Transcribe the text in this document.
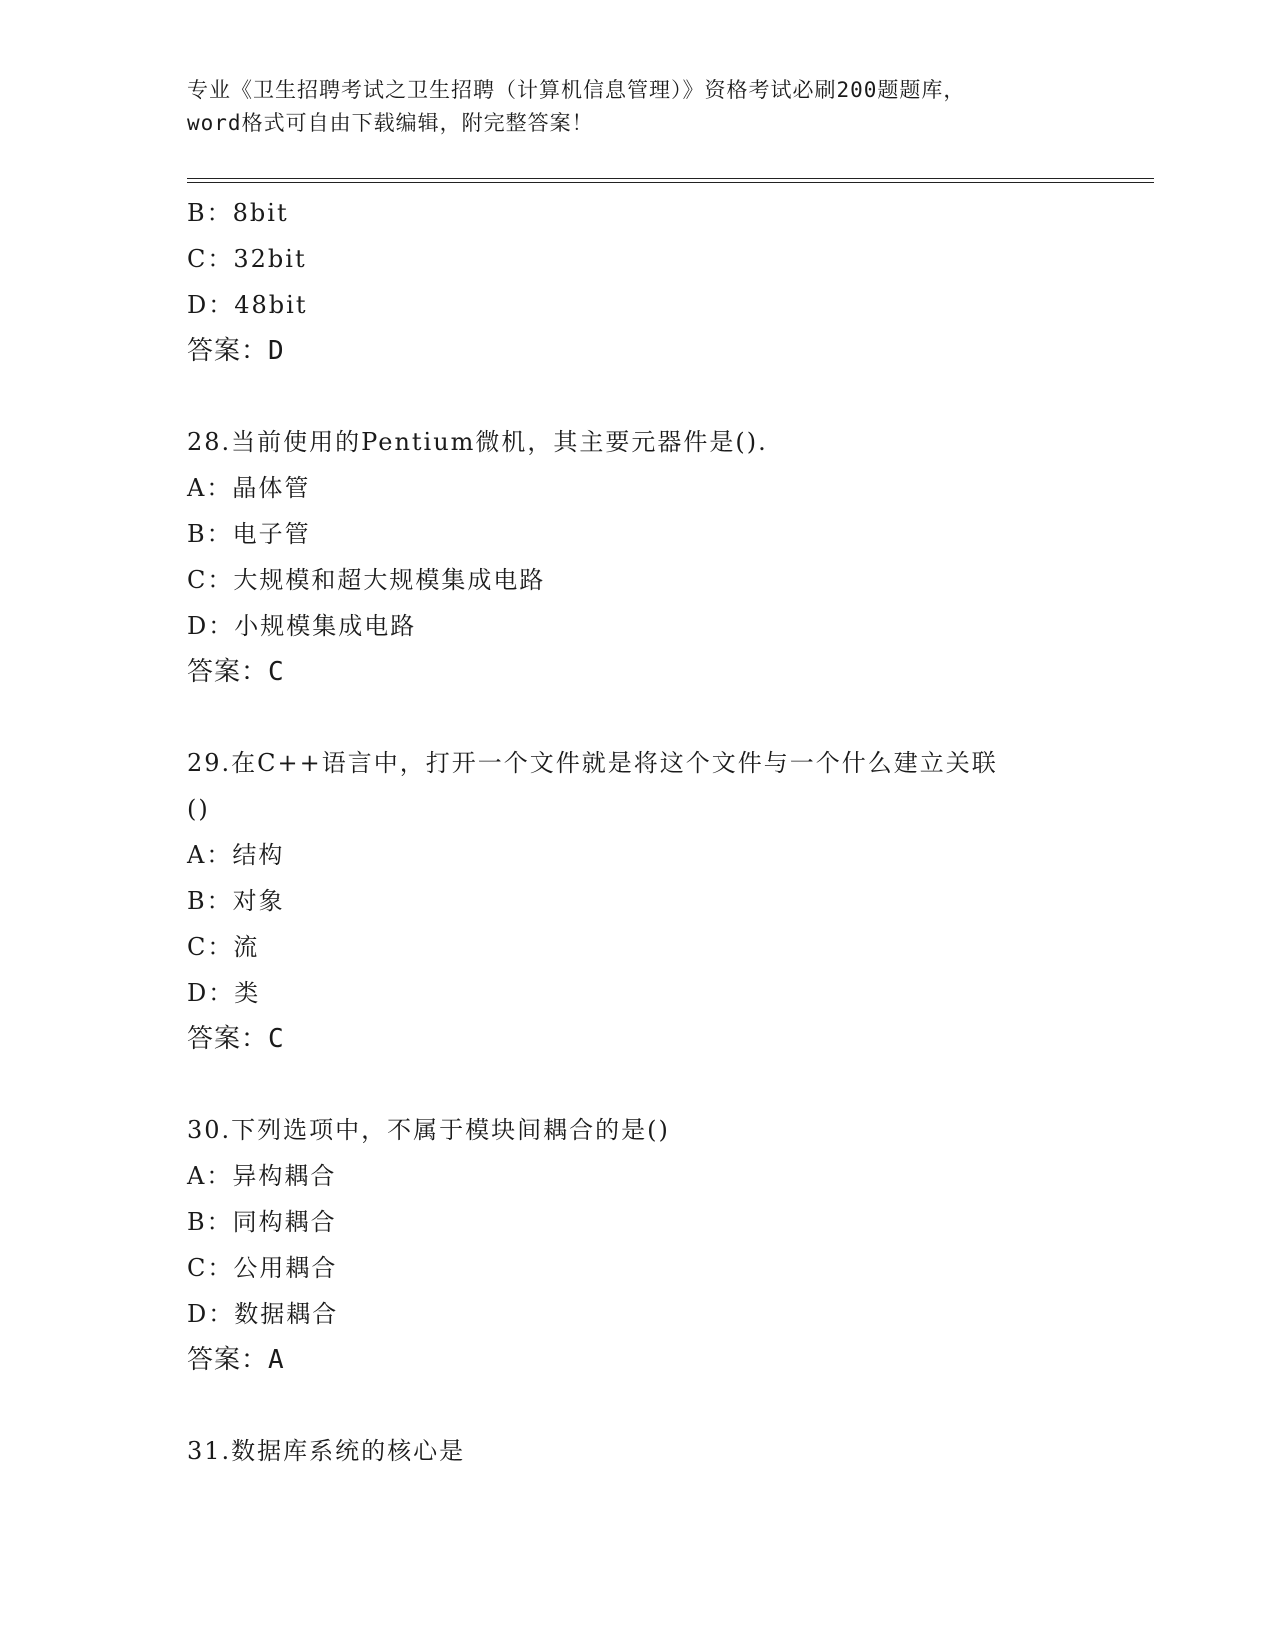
专业《卫生招聘考试之卫生招聘（计算机信息管理）》资格考试必刷200题题库，
word格式可自由下载编辑，附完整答案！
B：8bit
C：32bit
D：48bit
答案：D
28.当前使用的Pentium微机，其主要元器件是().
A：晶体管
B：电子管
C：大规模和超大规模集成电路
D：小规模集成电路
答案：C
29.在C++语言中，打开一个文件就是将这个文件与一个什么建立关联
()
A：结构
B：对象
C：流
D：类
答案：C
30.下列选项中，不属于模块间耦合的是()
A：异构耦合
B：同构耦合
C：公用耦合
D：数据耦合
答案：A
31.数据库系统的核心是
